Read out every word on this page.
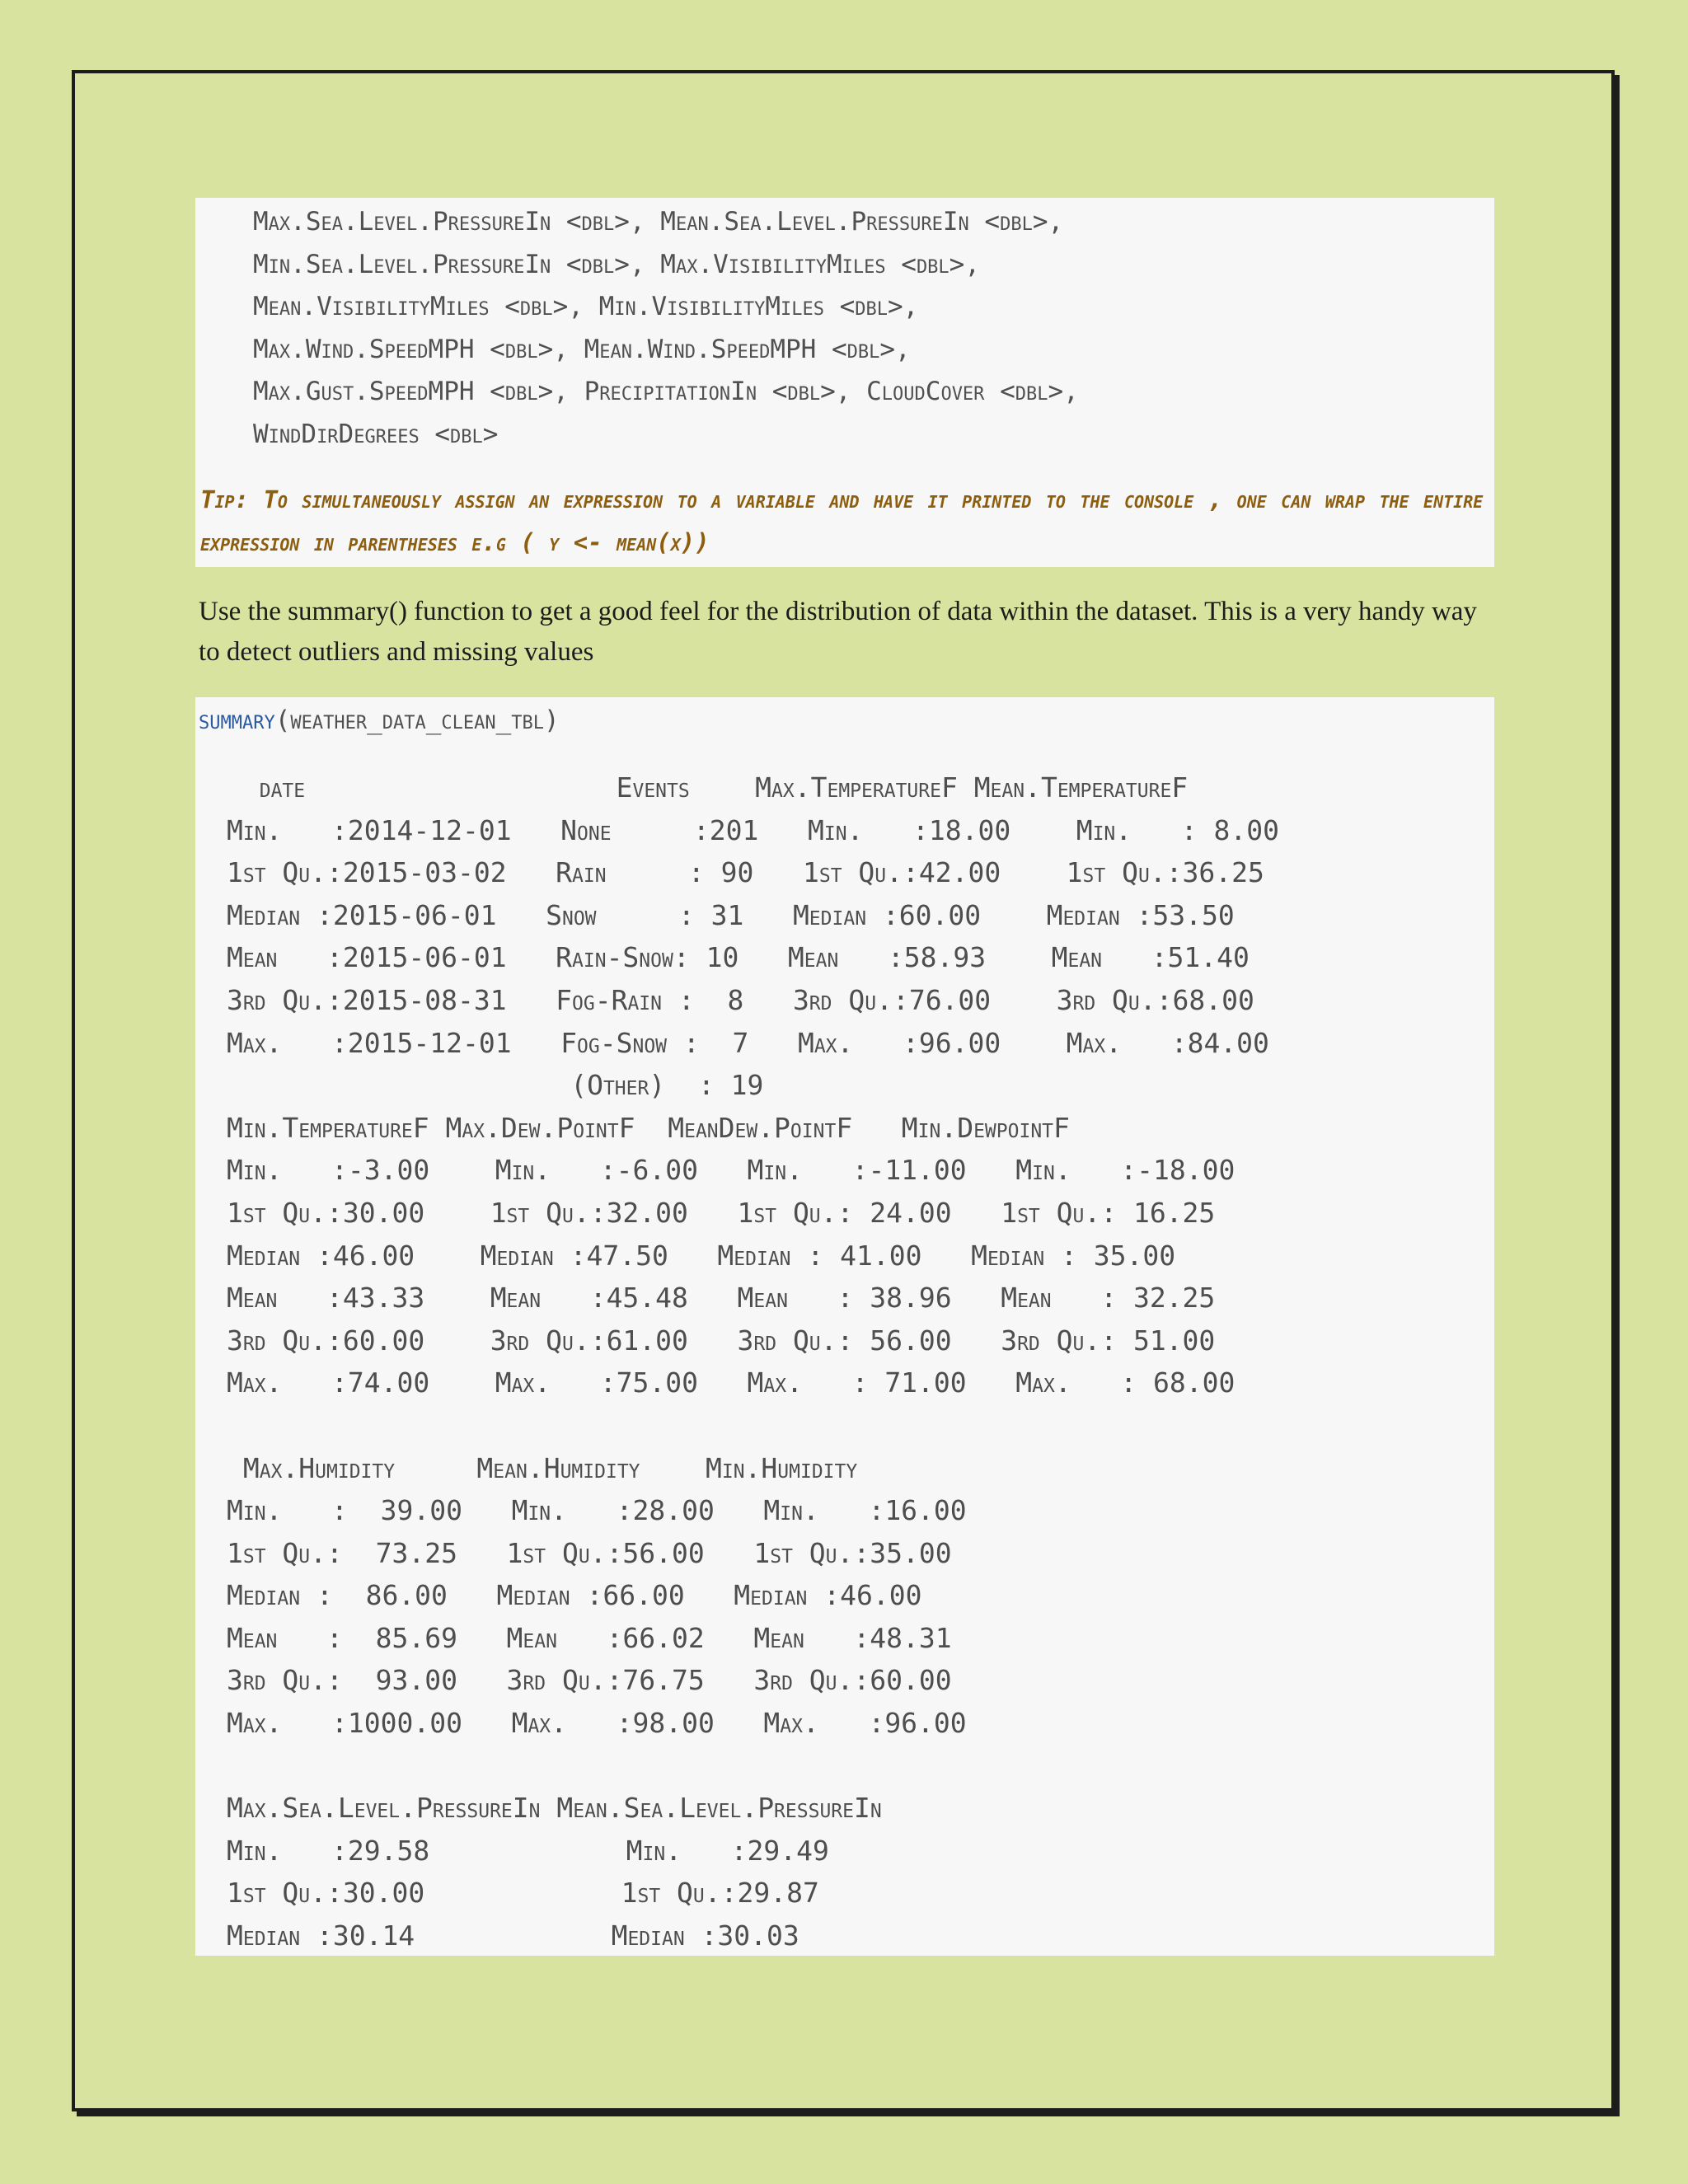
Max.Sea.Level.PressureIn <dbl>, Mean.Sea.Level.PressureIn <dbl>,
Min.Sea.Level.PressureIn <dbl>, Max.VisibilityMiles <dbl>,
Mean.VisibilityMiles <dbl>, Min.VisibilityMiles <dbl>,
Max.Wind.SpeedMPH <dbl>, Mean.Wind.SpeedMPH <dbl>,
Max.Gust.SpeedMPH <dbl>, PrecipitationIn <dbl>, CloudCover <dbl>,
WindDirDegrees <dbl>

Tip: To simultaneously assign an expression to a variable and have it printed to the console , one can wrap the entire expression in parentheses e.g ( y <- mean(x))

Use the summary() function to get a good feel for the distribution of data within the dataset. This is a very handy way to detect outliers and missing values

summary(weather_data_clean_tbl)
date                   Events    Max.TemperatureF Mean.TemperatureF
Min.   :2014-12-01   None     :201   Min.   :18.00    Min.   : 8.00
1st Qu.:2015-03-02   Rain     : 90   1st Qu.:42.00    1st Qu.:36.25
Median :2015-06-01   Snow     : 31   Median :60.00    Median :53.50
Mean   :2015-06-01   Rain-Snow: 10   Mean   :58.93    Mean   :51.40
3rd Qu.:2015-08-31   Fog-Rain :  8   3rd Qu.:76.00    3rd Qu.:68.00
Max.   :2015-12-01   Fog-Snow :  7   Max.   :96.00    Max.   :84.00
(Other)  : 19
Min.TemperatureF Max.Dew.PointF  MeanDew.PointF   Min.DewpointF
Min.   :-3.00    Min.   :-6.00   Min.   :-11.00   Min.   :-18.00
1st Qu.:30.00    1st Qu.:32.00   1st Qu.: 24.00   1st Qu.: 16.25
Median :46.00    Median :47.50   Median : 41.00   Median : 35.00
Mean   :43.33    Mean   :45.48   Mean   : 38.96   Mean   : 32.25
3rd Qu.:60.00    3rd Qu.:61.00   3rd Qu.: 56.00   3rd Qu.: 51.00
Max.   :74.00    Max.   :75.00   Max.   : 71.00   Max.   : 68.00

Max.Humidity     Mean.Humidity    Min.Humidity
Min.   :  39.00   Min.   :28.00   Min.   :16.00
1st Qu.:  73.25   1st Qu.:56.00   1st Qu.:35.00
Median :  86.00   Median :66.00   Median :46.00
Mean   :  85.69   Mean   :66.02   Mean   :48.31
3rd Qu.:  93.00   3rd Qu.:76.75   3rd Qu.:60.00
Max.   :1000.00   Max.   :98.00   Max.   :96.00

Max.Sea.Level.PressureIn Mean.Sea.Level.PressureIn
Min.   :29.58            Min.   :29.49
1st Qu.:30.00            1st Qu.:29.87
Median :30.14            Median :30.03
